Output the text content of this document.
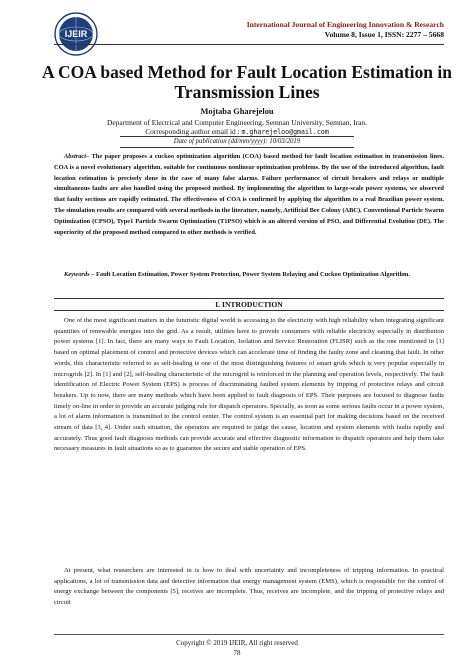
IJEIR
International Journal of Engineering Innovation & Research
Volume 8, Issue 1, ISSN: 2277 – 5668
A COA based Method for Fault Location Estimation in Transmission Lines
Mojtaba Gharejelou
Department of Electrical and Computer Engineering, Semnan University, Semnan, Iran.
Corresponding author email id : m.gharejeloo@gmail.com
Date of publication (dd/mm/yyyy): 10/03/2019
Abstract– The paper proposes a cuckoo optimization algorithm (COA) based method for fault location estimation in transmission lines. COA is a novel evolutionary algorithm, suitable for continuous nonlinear optimization problems. By the use of the introduced algorithm, fault location estimation is precisely done in the case of many false alarms. Failure performance of circuit breakers and relays or multiple simultaneous faults are also handled using the proposed method. By implementing the algorithm to large-scale power systems, we observed that faulty sections are rapidly estimated. The effectiveness of COA is confirmed by applying the algorithm to a real Brazilian power system. The simulation results are compared with several methods in the literature, namely, Artificial Bee Colony (ABC), Conventional Particle Swarm Optimization (CPSO), Type1 Particle Swarm Optimization (T1PSO) which is an altered version of PSO, and Differential Evolution (DE). The superiority of the proposed method compared to other methods is verified.
Keywords – Fault Location Estimation, Power System Protection, Power System Relaying and Cuckoo Optimization Algorithm.
I. INTRODUCTION
One of the most significant matters in the futuristic digital world is accessing to the electricity with high reliability when integrating significant quantities of renewable energies into the grid. As a result, utilities have to provide consumers with reliable electricity especially in distribution power systems [1]. In fact, there are many ways to Fault Location, Isolation and Service Restoration (FLISR) such as the one mentioned in [1] based on optimal placement of control and protective devices which can accelerate time of finding the faulty zone and cleaning that fault. In other words, this characteristic referred to as self-healing is one of the most distinguishing features of smart grids which is very popular especially in microgrids [2]. In [1] and [2], self-healing characteristic of the microgrid is reinforced in the planning and operation levels, respectively. The fault identification of Electric Power System (EPS) is process of discriminating faulted system elements by tripping of protective relays and circuit breakers. Up to now, there are many methods which have been applied to fault diagnosis of EPS. Their purposes are focused to diagnose faults timely on-line in order to provide an accurate judging rule for dispatch operators. Specially, as soon as some serious faults occur in a power system, a lot of alarm information is transmitted to the control center. The control system is an essential part for making decisions based on the received stream of data [3, 4]. Under such situation, the operators are required to judge the cause, location and system elements with faults rapidly and accurately. Thus good fault diagnosis methods can provide accurate and effective diagnostic information to dispatch operators and help them take necessary measures in fault situations so as to guarantee the secure and stable operation of EPS.
At present, what researchers are interested in is how to deal with uncertainty and incompleteness of tripping information. In practical applications, a lot of transmission data and detective information that energy management system (EMS), which is responsible for the control of energy exchange between the components [5], receives are incomplete. Thus, receives are incomplete, and the tripping of protective relays and circuit
Copyright © 2019 IJEIR, All right reserved
78
